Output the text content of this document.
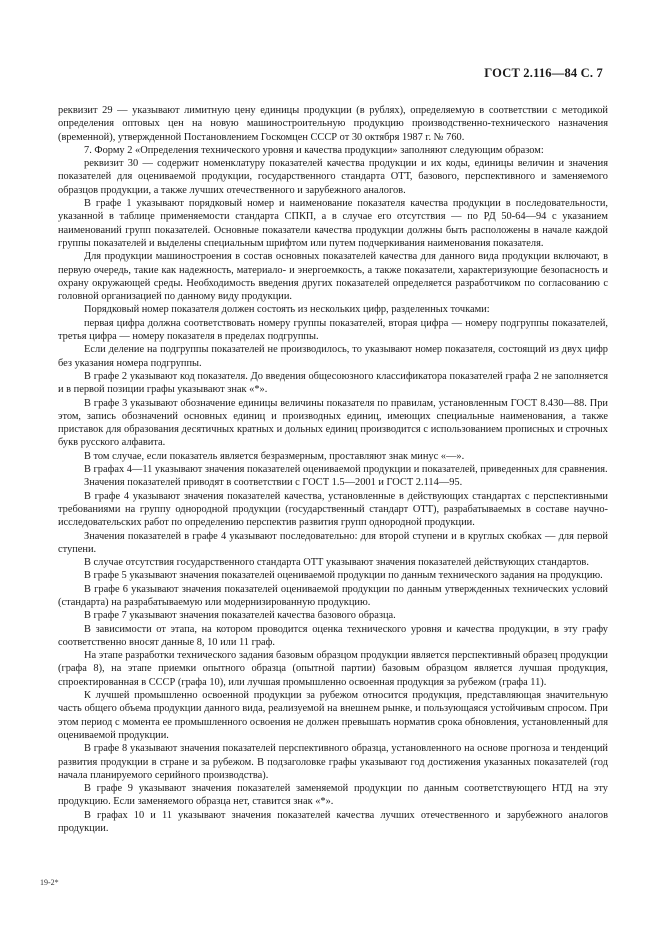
ГОСТ 2.116—84 С. 7

реквизит 29 — указывают лимитную цену единицы продукции (в рублях), определяемую в соответствии с методикой определения оптовых цен на новую машиностроительную продукцию производственно-технического назначения (временной), утвержденной Постановлением Госкомцен СССР от 30 октября 1987 г. № 760.

7. Форму 2 «Определения технического уровня и качества продукции» заполняют следующим образом:

реквизит 30 — содержит номенклатуру показателей качества продукции и их коды, единицы величин и значения показателей для оцениваемой продукции, государственного стандарта ОТТ, базового, перспективного и заменяемого образцов продукции, а также лучших отечественного и зарубежного аналогов.

В графе 1 указывают порядковый номер и наименование показателя качества продукции в последовательности, указанной в таблице применяемости стандарта СПКП, а в случае его отсутствия — по РД 50-64—94 с указанием наименований групп показателей. Основные показатели качества продукции должны быть расположены в начале каждой группы показателей и выделены специальным шрифтом или путем подчеркивания наименования показателя.

Для продукции машиностроения в состав основных показателей качества для данного вида продукции включают, в первую очередь, такие как надежность, материало- и энергоемкость, а также показатели, характеризующие безопасность и охрану окружающей среды. Необходимость введения других показателей определяется разработчиком по согласованию с головной организацией по данному виду продукции.

Порядковый номер показателя должен состоять из нескольких цифр, разделенных точками:

первая цифра должна соответствовать номеру группы показателей, вторая цифра — номеру подгруппы показателей, третья цифра — номеру показателя в пределах подгруппы.

Если деление на подгруппы показателей не производилось, то указывают номер показателя, состоящий из двух цифр без указания номера подгруппы.

В графе 2 указывают код показателя. До введения общесоюзного классификатора показателей графа 2 не заполняется и в первой позиции графы указывают знак «*».

В графе 3 указывают обозначение единицы величины показателя по правилам, установленным ГОСТ 8.430—88. При этом, запись обозначений основных единиц и производных единиц, имеющих специальные наименования, а также приставок для образования десятичных кратных и дольных единиц производится с использованием прописных и строчных букв русского алфавита.

В том случае, если показатель является безразмерным, проставляют знак минус «—».

В графах 4—11 указывают значения показателей оцениваемой продукции и показателей, приведенных для сравнения.

Значения показателей приводят в соответствии с ГОСТ 1.5—2001 и ГОСТ 2.114—95.

В графе 4 указывают значения показателей качества, установленные в действующих стандартах с перспективными требованиями на группу однородной продукции (государственный стандарт ОТТ), разрабатываемых в составе научно-исследовательских работ по определению перспектив развития групп однородной продукции.

Значения показателей в графе 4 указывают последовательно: для второй ступени и в круглых скобках — для первой ступени.

В случае отсутствия государственного стандарта ОТТ указывают значения показателей действующих стандартов.

В графе 5 указывают значения показателей оцениваемой продукции по данным технического задания на продукцию.

В графе 6 указывают значения показателей оцениваемой продукции по данным утвержденных технических условий (стандарта) на разрабатываемую или модернизированную продукцию.

В графе 7 указывают значения показателей качества базового образца.

В зависимости от этапа, на котором проводится оценка технического уровня и качества продукции, в эту графу соответственно вносят данные 8, 10 или 11 граф.

На этапе разработки технического задания базовым образцом продукции является перспективный образец продукции (графа 8), на этапе приемки опытного образца (опытной партии) базовым образцом является лучшая продукция, спроектированная в СССР (графа 10), или лучшая промышленно освоенная продукция за рубежом (графа 11).

К лучшей промышленно освоенной продукции за рубежом относится продукция, представляющая значительную часть общего объема продукции данного вида, реализуемой на внешнем рынке, и пользующаяся устойчивым спросом. При этом период с момента ее промышленного освоения не должен превышать норматив срока обновления, установленный для оцениваемой продукции.

В графе 8 указывают значения показателей перспективного образца, установленного на основе прогноза и тенденций развития продукции в стране и за рубежом. В подзаголовке графы указывают год достижения указанных показателей (год начала планируемого серийного производства).

В графе 9 указывают значения показателей заменяемой продукции по данным соответствующего НТД на эту продукцию. Если заменяемого образца нет, ставится знак «*».

В графах 10 и 11 указывают значения показателей качества лучших отечественного и зарубежного аналогов продукции.

19-2*
